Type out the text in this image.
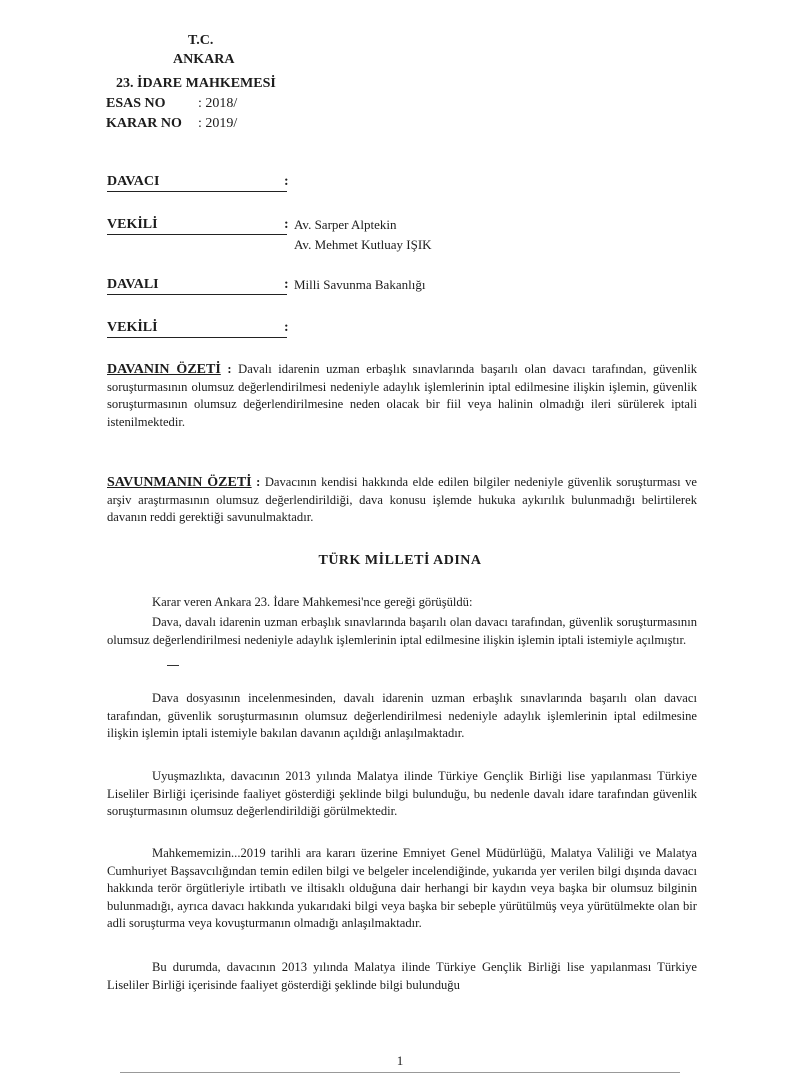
T.C.
ANKARA
23. İDARE MAHKEMESİ
ESAS NO : 2018/
KARAR NO : 2019/
DAVACI	:
VEKİLİ	: Av. Sarper Alptekin
Av. Mehmet Kutluay IŞIK
DAVALI	: Milli Savunma Bakanlığı
VEKİLİ	:
DAVANIN ÖZETİ : Davalı idarenin uzman erbaşlık sınavlarında başarılı olan davacı tarafından, güvenlik soruşturmasının olumsuz değerlendirilmesi nedeniyle adaylık işlemlerinin iptal edilmesine ilişkin işlemin, güvenlik soruşturmasının olumsuz değerlendirilmesine neden olacak bir fiil veya halinin olmadığı ileri sürülerek iptali istenilmektedir.
SAVUNMANIN ÖZETİ : Davacının kendisi hakkında elde edilen bilgiler nedeniyle güvenlik soruşturması ve arşiv araştırmasının olumsuz değerlendirildiği, dava konusu işlemde hukuka aykırılık bulunmadığı belirtilerek davanın reddi gerektiği savunulmaktadır.
TÜRK MİLLETİ ADINA
Karar veren Ankara 23. İdare Mahkemesi'nce gereği görüşüldü:
Dava, davalı idarenin uzman erbaşlık sınavlarında başarılı olan davacı tarafından, güvenlik soruşturmasının olumsuz değerlendirilmesi nedeniyle adaylık işlemlerinin iptal edilmesine ilişkin işlemin iptali istemiyle açılmıştır.
Dava dosyasının incelenmesinden, davalı idarenin uzman erbaşlık sınavlarında başarılı olan davacı tarafından, güvenlik soruşturmasının olumsuz değerlendirilmesi nedeniyle adaylık işlemlerinin iptal edilmesine ilişkin işlemin iptali istemiyle bakılan davanın açıldığı anlaşılmaktadır.
Uyuşmazlıkta, davacının 2013 yılında Malatya ilinde Türkiye Gençlik Birliği lise yapılanması Türkiye Liseliler Birliği içerisinde faaliyet gösterdiği şeklinde bilgi bulunduğu, bu nedenle davalı idare tarafından güvenlik soruşturmasının olumsuz değerlendirildiği görülmektedir.
Mahkememizin...2019 tarihli ara kararı üzerine Emniyet Genel Müdürlüğü, Malatya Valiliği ve Malatya Cumhuriyet Başsavcılığından temin edilen bilgi ve belgeler incelendiğinde, yukarıda yer verilen bilgi dışında davacı hakkında terör örgütleriyle irtibatlı ve iltisaklı olduğuna dair herhangi bir kaydın veya başka bir olumsuz bilginin bulunmadığı, ayrıca davacı hakkında yukarıdaki bilgi veya başka bir sebeple yürütülmüş veya yürütülmekte olan bir adli soruşturma veya kovuşturmanın olmadığı anlaşılmaktadır.
Bu durumda, davacının 2013 yılında Malatya ilinde Türkiye Gençlik Birliği lise yapılanması Türkiye Liseliler Birliği içerisinde faaliyet gösterdiği şeklinde bilgi bulunduğu
1
